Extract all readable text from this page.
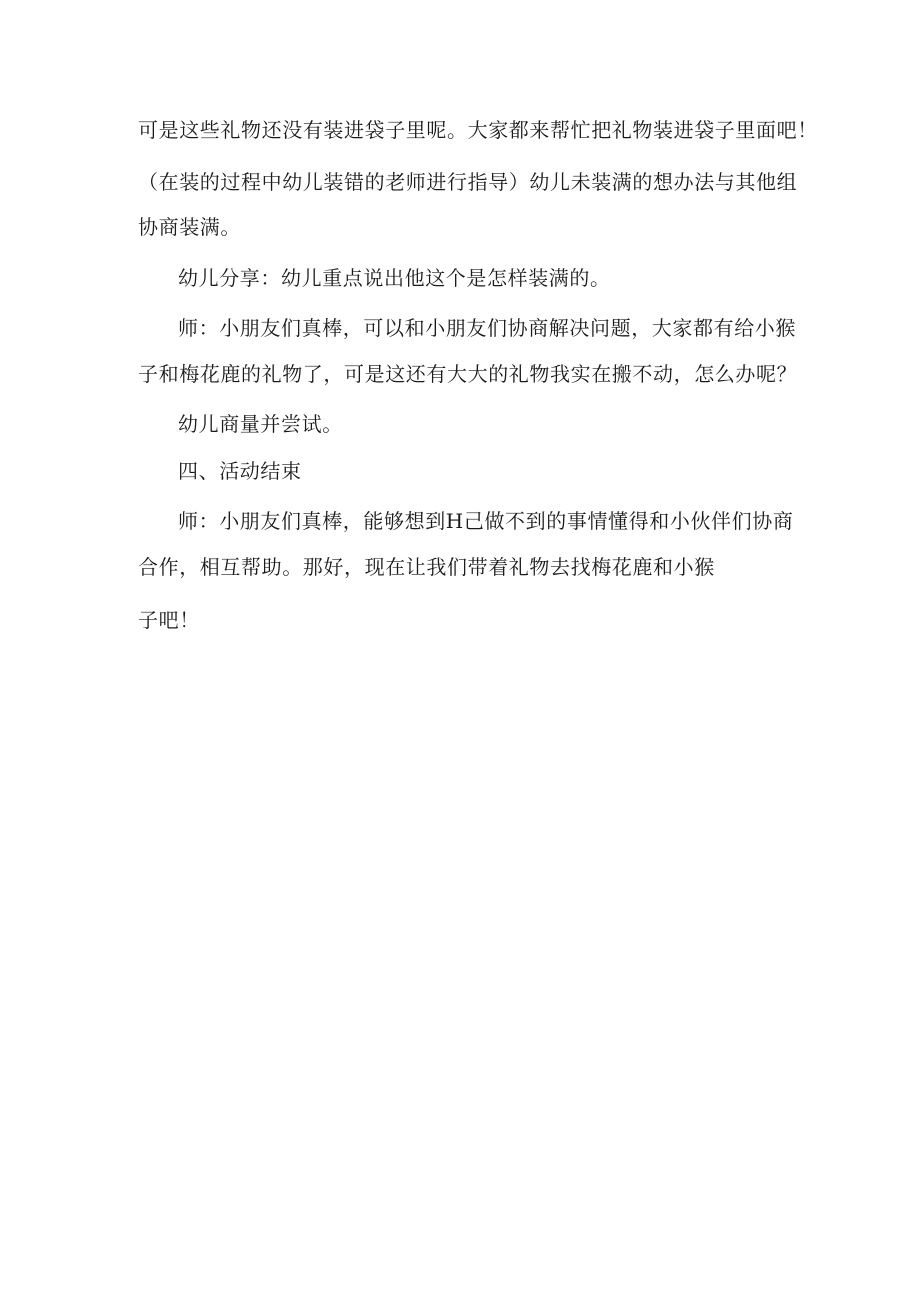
可是这些礼物还没有装进袋子里呢。大家都来帮忙把礼物装进袋子里面吧！
（在装的过程中幼儿装错的老师进行指导）幼儿未装满的想办法与其他组
协商装满。
幼儿分享：幼儿重点说出他这个是怎样装满的。
师：小朋友们真棒，可以和小朋友们协商解决问题，大家都有给小猴
子和梅花鹿的礼物了，可是这还有大大的礼物我实在搬不动，怎么办呢？
幼儿商量并尝试。
四、活动结束
师：小朋友们真棒，能够想到H己做不到的事情懂得和小伙伴们协商
合作，相互帮助。那好，现在让我们带着礼物去找梅花鹿和小猴
子吧！
